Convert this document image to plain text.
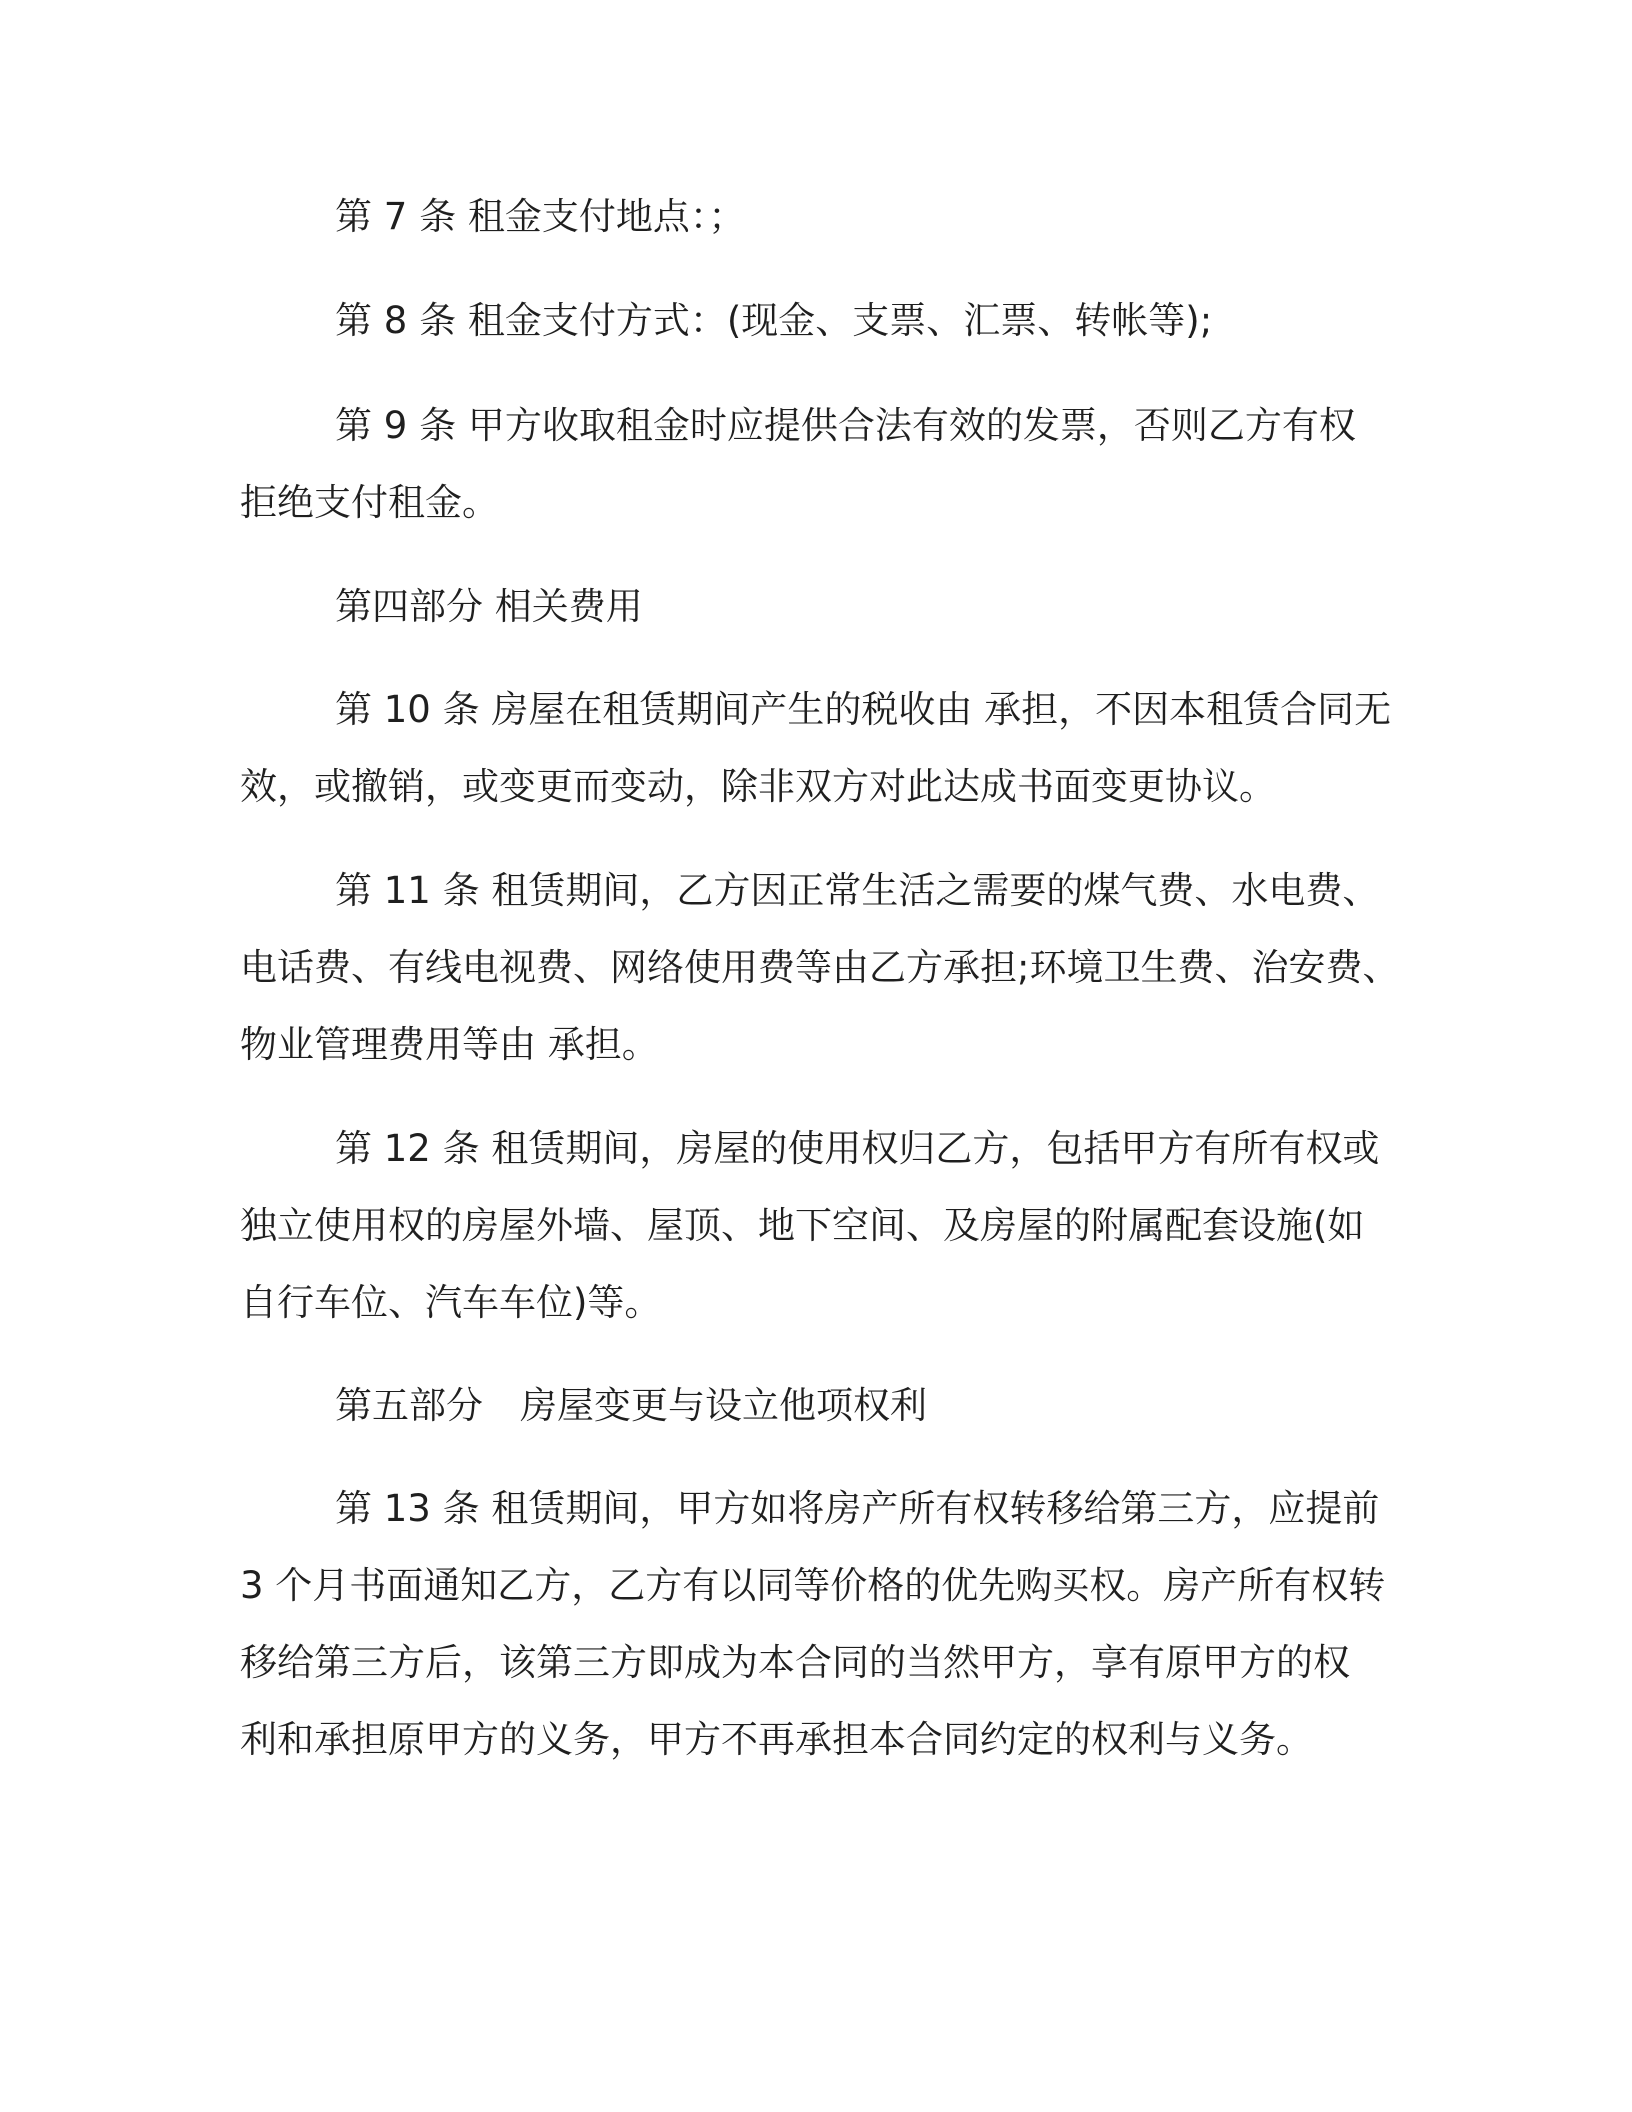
第 7 条 租金支付地点：；

第 8 条 租金支付方式：(现金、支票、汇票、转帐等);

第 9 条 甲方收取租金时应提供合法有效的发票，否则乙方有权

拒绝支付租金。

第四部分 相关费用

第 10 条 房屋在租赁期间产生的税收由 承担，不因本租赁合同无

效，或撤销，或变更而变动，除非双方对此达成书面变更协议。

第 11 条 租赁期间，乙方因正常生活之需要的煤气费、水电费、

电话费、有线电视费、网络使用费等由乙方承担;环境卫生费、治安费、

物业管理费用等由 承担。

第 12 条 租赁期间，房屋的使用权归乙方，包括甲方有所有权或

独立使用权的房屋外墙、屋顶、地下空间、及房屋的附属配套设施(如

自行车位、汽车车位)等。

第五部分　房屋变更与设立他项权利

第 13 条 租赁期间，甲方如将房产所有权转移给第三方，应提前

3 个月书面通知乙方，乙方有以同等价格的优先购买权。房产所有权转

移给第三方后，该第三方即成为本合同的当然甲方，享有原甲方的权

利和承担原甲方的义务，甲方不再承担本合同约定的权利与义务。
